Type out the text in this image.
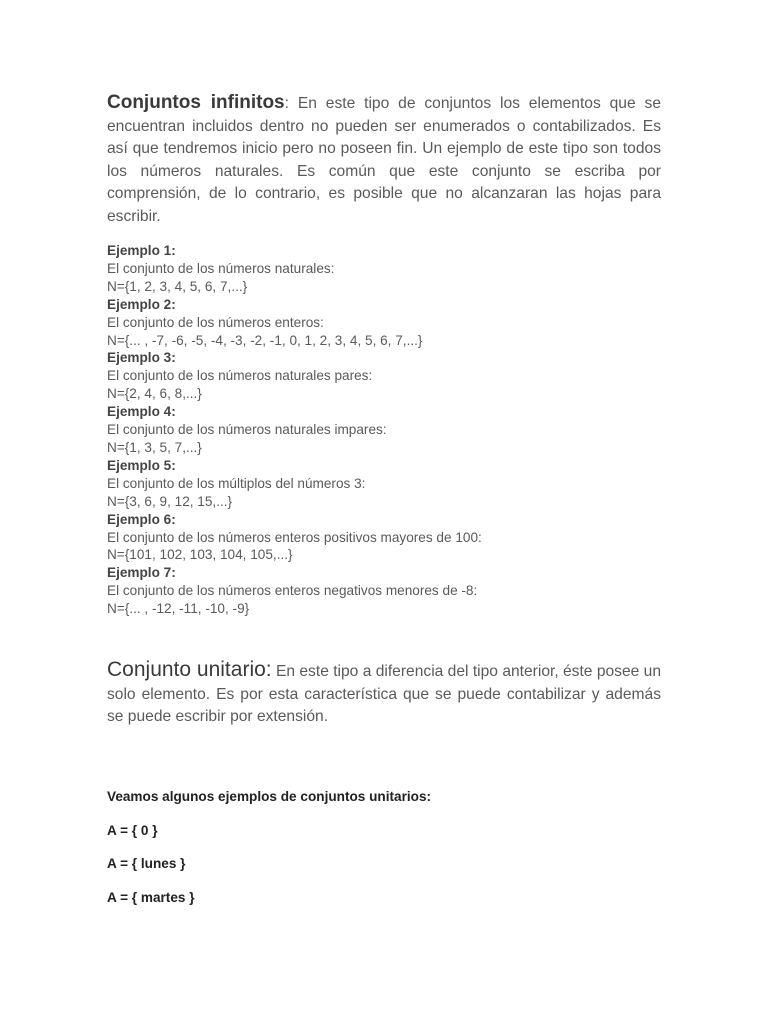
Conjuntos infinitos: En este tipo de conjuntos los elementos que se encuentran incluidos dentro no pueden ser enumerados o contabilizados. Es así que tendremos inicio pero no poseen fin. Un ejemplo de este tipo son todos los números naturales. Es común que este conjunto se escriba por comprensión, de lo contrario, es posible que no alcanzaran las hojas para escribir.

Ejemplo 1:
El conjunto de los números naturales:
N={1, 2, 3, 4, 5, 6, 7,...}
Ejemplo 2:
El conjunto de los números enteros:
N={... , -7, -6, -5, -4, -3, -2, -1, 0, 1, 2, 3, 4, 5, 6, 7,...}
Ejemplo 3:
El conjunto de los números naturales pares:
N={2, 4, 6, 8,...}
Ejemplo 4:
El conjunto de los números naturales impares:
N={1, 3, 5, 7,...}
Ejemplo 5:
El conjunto de los múltiplos del números 3:
N={3, 6, 9, 12, 15,...}
Ejemplo 6:
El conjunto de los números enteros positivos mayores de 100:
N={101, 102, 103, 104, 105,...}
Ejemplo 7:
El conjunto de los números enteros negativos menores de -8:
N={... , -12, -11, -10, -9}

Conjunto unitario: En este tipo a diferencia del tipo anterior, éste posee un solo elemento. Es por esta característica que se puede contabilizar y además se puede escribir por extensión.

Veamos algunos ejemplos de conjuntos unitarios:
A = { 0 }
A = { lunes }
A = { martes }
